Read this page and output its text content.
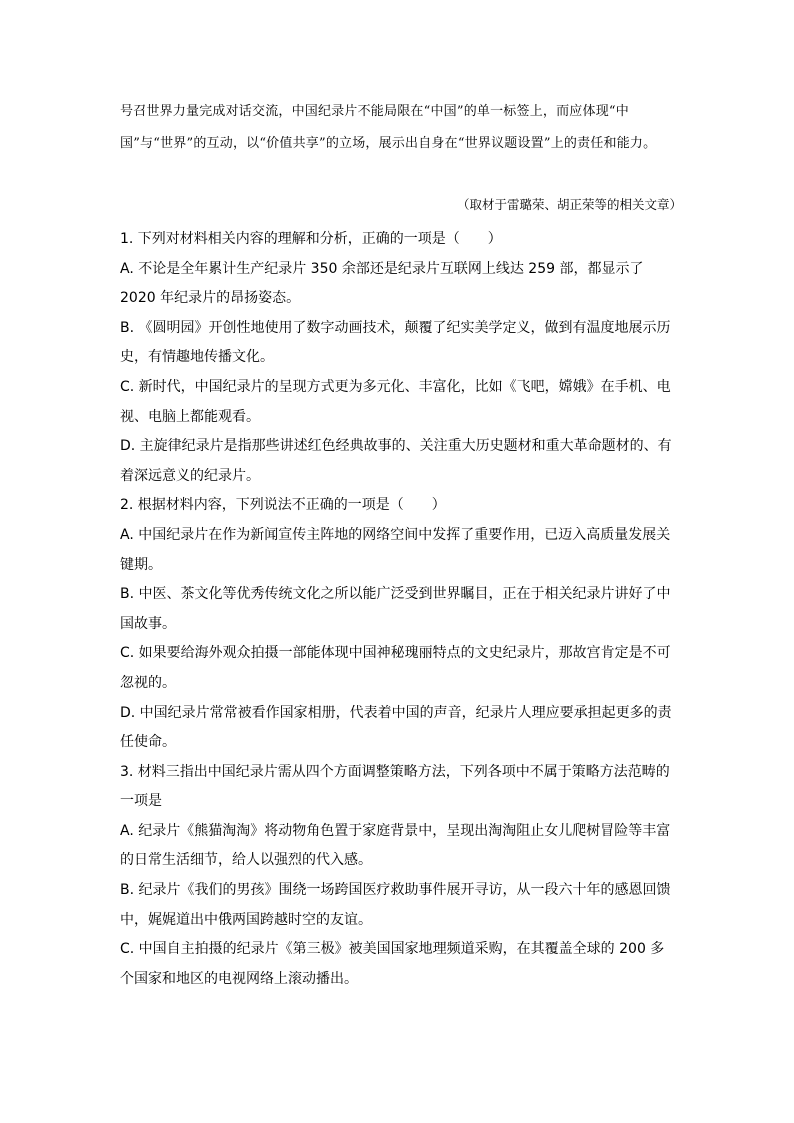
号召世界力量完成对话交流，中国纪录片不能局限在“中国”的单一标签上，而应体现“中国”与“世界”的互动，以“价值共享”的立场，展示出自身在“世界议题设置”上的责任和能力。

（取材于雷璐荣、胡正荣等的相关文章）

1. 下列对材料相关内容的理解和分析，正确的一项是（　　）

A. 不论是全年累计生产纪录片 350 余部还是纪录片互联网上线达 259 部，都显示了 2020 年纪录片的昂扬姿态。

B. 《圆明园》开创性地使用了数字动画技术，颠覆了纪实美学定义，做到有温度地展示历史，有情趣地传播文化。

C. 新时代，中国纪录片的呈现方式更为多元化、丰富化，比如《飞吧，嫦娥》在手机、电视、电脑上都能观看。

D. 主旋律纪录片是指那些讲述红色经典故事的、关注重大历史题材和重大革命题材的、有着深远意义的纪录片。

2. 根据材料内容，下列说法不正确的一项是（　　）

A. 中国纪录片在作为新闻宣传主阵地的网络空间中发挥了重要作用，已迈入高质量发展关键期。

B. 中医、茶文化等优秀传统文化之所以能广泛受到世界瞩目，正在于相关纪录片讲好了中国故事。

C. 如果要给海外观众拍摄一部能体现中国神秘瑰丽特点的文史纪录片，那故宫肯定是不可忽视的。

D. 中国纪录片常常被看作国家相册，代表着中国的声音，纪录片人理应要承担起更多的责任使命。

3. 材料三指出中国纪录片需从四个方面调整策略方法，下列各项中不属于策略方法范畴的一项是

A. 纪录片《熊猫淘淘》将动物角色置于家庭背景中，呈现出淘淘阻止女儿爬树冒险等丰富的日常生活细节，给人以强烈的代入感。

B. 纪录片《我们的男孩》围绕一场跨国医疗救助事件展开寻访，从一段六十年的感恩回馈中，娓娓道出中俄两国跨越时空的友谊。

C. 中国自主拍摄的纪录片《第三极》被美国国家地理频道采购，在其覆盖全球的 200 多个国家和地区的电视网络上滚动播出。
